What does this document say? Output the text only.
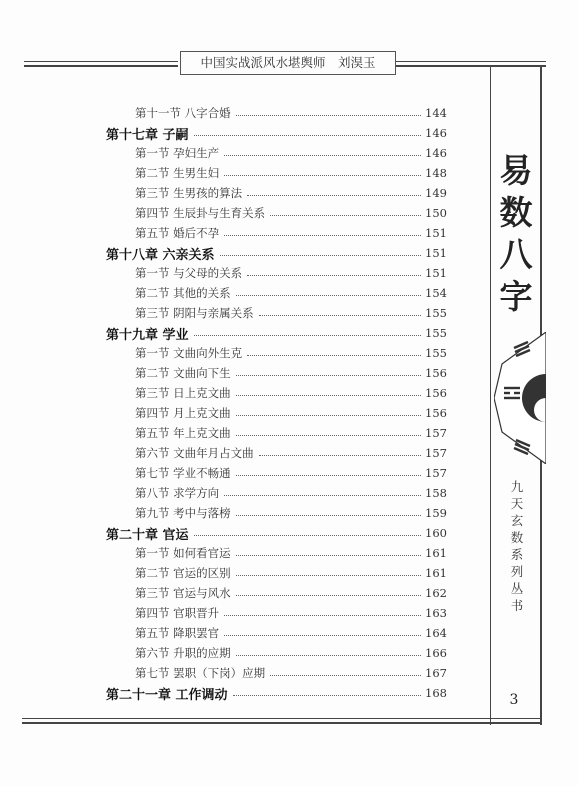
中国实战派风水堪舆师　刘淏玉
第十一节 八字合婚	144
第十七章 子嗣	146
第一节 孕妇生产	146
第二节 生男生妇	148
第三节 生男孩的算法	149
第四节 生辰卦与生育关系	150
第五节 婚后不孕	151
第十八章 六亲关系	151
第一节 与父母的关系	151
第二节 其他的关系	154
第三节 阴阳与亲属关系	155
第十九章 学业	155
第一节 文曲向外生克	155
第二节 文曲向下生	156
第三节 日上克文曲	156
第四节 月上克文曲	156
第五节 年上克文曲	157
第六节 文曲年月占文曲	157
第七节 学业不畅通	157
第八节 求学方向	158
第九节 考中与落榜	159
第二十章 官运	160
第一节 如何看官运	161
第二节 官运的区别	161
第三节 官运与风水	162
第四节 官职晋升	163
第五节 降职罢官	164
第六节 升职的应期	166
第七节 罢职（下岗）应期	167
第二十一章 工作调动	168
易
数
八
字
九
天
玄
数
系
列
丛
书
3
